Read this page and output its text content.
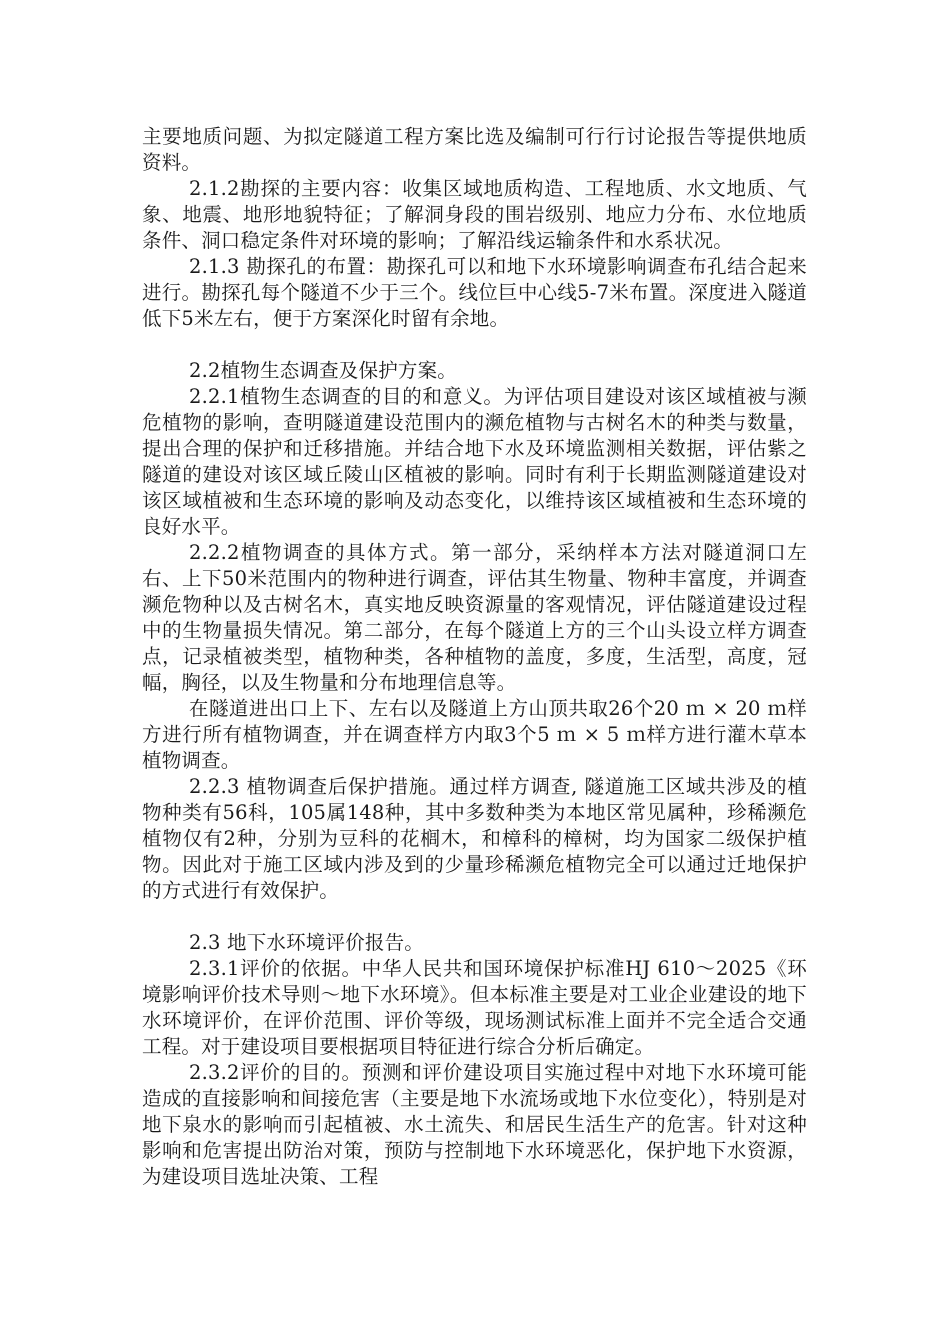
主要地质问题、为拟定隧道工程方案比选及编制可行行讨论报告等提供地质资料。

2.1.2勘探的主要内容：收集区域地质构造、工程地质、水文地质、气象、地震、地形地貌特征；了解洞身段的围岩级别、地应力分布、水位地质条件、洞口稳定条件对环境的影响；了解沿线运输条件和水系状况。

2.1.3 勘探孔的布置：勘探孔可以和地下水环境影响调查布孔结合起来进行。勘探孔每个隧道不少于三个。线位巨中心线5-7米布置。深度进入隧道低下5米左右，便于方案深化时留有余地。

2.2植物生态调查及保护方案。

2.2.1植物生态调查的目的和意义。为评估项目建设对该区域植被与濒危植物的影响，查明隧道建设范围内的濒危植物与古树名木的种类与数量，提出合理的保护和迁移措施。并结合地下水及环境监测相关数据，评估紫之隧道的建设对该区域丘陵山区植被的影响。同时有利于长期监测隧道建设对该区域植被和生态环境的影响及动态变化，以维持该区域植被和生态环境的良好水平。

2.2.2植物调查的具体方式。第一部分，采纳样本方法对隧道洞口左右、上下50米范围内的物种进行调查，评估其生物量、物种丰富度，并调查濒危物种以及古树名木，真实地反映资源量的客观情况，评估隧道建设过程中的生物量损失情况。第二部分，在每个隧道上方的三个山头设立样方调查点，记录植被类型，植物种类，各种植物的盖度，多度，生活型，高度，冠幅，胸径，以及生物量和分布地理信息等。

在隧道进出口上下、左右以及隧道上方山顶共取26个20 ｍ × 20 ｍ样方进行所有植物调查，并在调查样方内取3个5 ｍ × 5 ｍ样方进行灌木草本植物调查。

2.2.3 植物调查后保护措施。通过样方调查, 隧道施工区域共涉及的植物种类有56科，105属148种，其中多数种类为本地区常见属种，珍稀濒危植物仅有2种，分别为豆科的花榈木，和樟科的樟树，均为国家二级保护植物。因此对于施工区域内涉及到的少量珍稀濒危植物完全可以通过迁地保护的方式进行有效保护。

2.3 地下水环境评价报告。

2.3.1评价的依据。中华人民共和国环境保护标准HJ 610～2025《环境影响评价技术导则～地下水环境》。但本标准主要是对工业企业建设的地下水环境评价，在评价范围、评价等级，现场测试标准上面并不完全适合交通工程。对于建设项目要根据项目特征进行综合分析后确定。

2.3.2评价的目的。预测和评价建设项目实施过程中对地下水环境可能造成的直接影响和间接危害（主要是地下水流场或地下水位变化），特别是对地下泉水的影响而引起植被、水土流失、和居民生活生产的危害。针对这种影响和危害提出防治对策，预防与控制地下水环境恶化，保护地下水资源，为建设项目选址决策、工程
